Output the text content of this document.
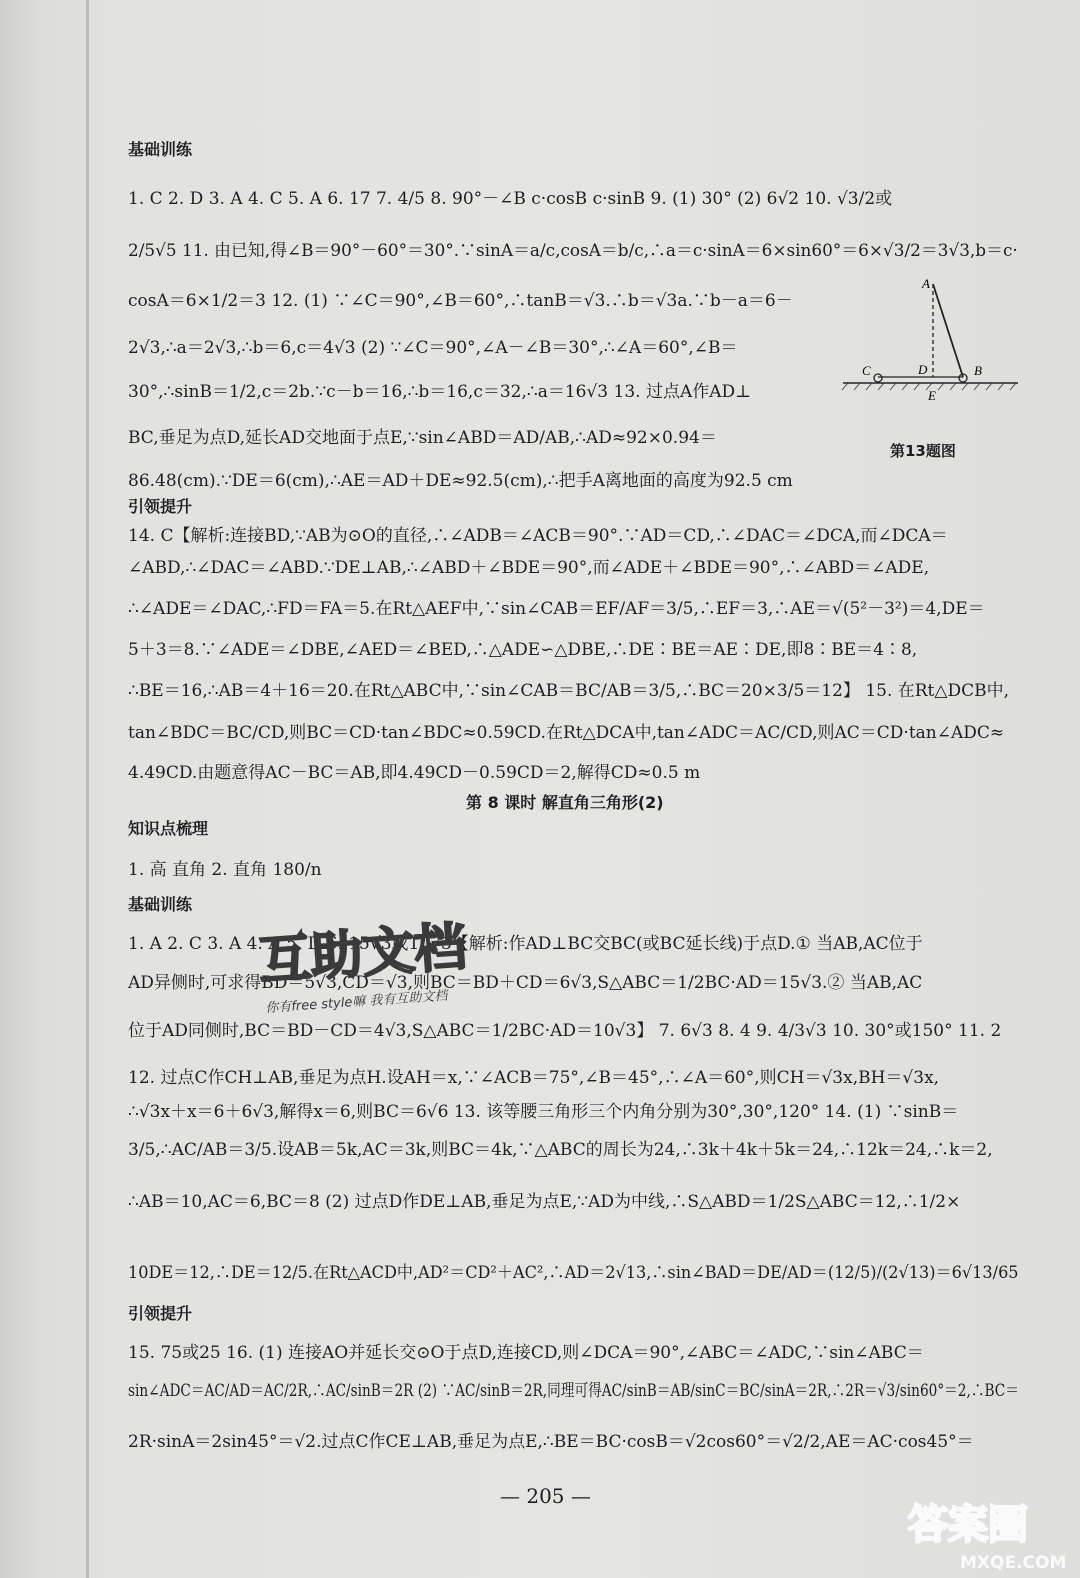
基础训练
1. C 2. D 3. A 4. C 5. A 6. 17 7. 4/5 8. 90°－∠B c·cosB c·sinB 9. (1) 30° (2) 6√2 10. √3/2或
2/5√5 11. 由已知,得∠B＝90°－60°＝30°.∵sinA＝a/c,cosA＝b/c,∴a＝c·sinA＝6×sin60°＝6×√3/2＝3√3,b＝c·
cosA＝6×1/2＝3 12. (1) ∵∠C＝90°,∠B＝60°,∴tanB＝√3.∴b＝√3a.∵b－a＝6－
2√3,∴a＝2√3,∴b＝6,c＝4√3 (2) ∵∠C＝90°,∠A－∠B＝30°,∴∠A＝60°,∠B＝
30°,∴sinB＝1/2,c＝2b.∵c－b＝16,∴b＝16,c＝32,∴a＝16√3 13. 过点A作AD⊥
BC,垂足为点D,延长AD交地面于点E,∵sin∠ABD＝AD/AB,∴AD≈92×0.94＝
86.48(cm).∵DE＝6(cm),∴AE＝AD＋DE≈92.5(cm),∴把手A离地面的高度为92.5 cm
引领提升
14. C【解析:连接BD,∵AB为⊙O的直径,∴∠ADB＝∠ACB＝90°.∵AD＝CD,∴∠DAC＝∠DCA,而∠DCA＝
∠ABD,∴∠DAC＝∠ABD.∵DE⊥AB,∴∠ABD＋∠BDE＝90°,而∠ADE＋∠BDE＝90°,∴∠ABD＝∠ADE,
∴∠ADE＝∠DAC,∴FD＝FA＝5.在Rt△AEF中,∵sin∠CAB＝EF/AF＝3/5,∴EF＝3,∴AE＝√(5²－3²)＝4,DE＝
5＋3＝8.∵∠ADE＝∠DBE,∠AED＝∠BED,∴△ADE∽△DBE,∴DE∶BE＝AE∶DE,即8∶BE＝4∶8,
∴BE＝16,∴AB＝4＋16＝20.在Rt△ABC中,∵sin∠CAB＝BC/AB＝3/5,∴BC＝20×3/5＝12】 15. 在Rt△DCB中,
tan∠BDC＝BC/CD,则BC＝CD·tan∠BDC≈0.59CD.在Rt△DCA中,tan∠ADC＝AC/CD,则AC＝CD·tan∠ADC≈
4.49CD.由题意得AC－BC＝AB,即4.49CD－0.59CD＝2,解得CD≈0.5 m
第 8 课时 解直角三角形(2)
知识点梳理
1. 高 直角 2. 直角 180/n
基础训练
1. A 2. C 3. A 4. A 5. D 6. 15√3或10√3【解析:作AD⊥BC交BC(或BC延长线)于点D.① 当AB,AC位于
AD异侧时,可求得BD＝5√3,CD＝√3,则BC＝BD＋CD＝6√3,S△ABC＝1/2BC·AD＝15√3.② 当AB,AC
位于AD同侧时,BC＝BD－CD＝4√3,S△ABC＝1/2BC·AD＝10√3】 7. 6√3 8. 4 9. 4/3√3 10. 30°或150° 11. 2
12. 过点C作CH⊥AB,垂足为点H.设AH＝x,∵∠ACB＝75°,∠B＝45°,∴∠A＝60°,则CH＝√3x,BH＝√3x,
∴√3x＋x＝6＋6√3,解得x＝6,则BC＝6√6 13. 该等腰三角形三个内角分别为30°,30°,120° 14. (1) ∵sinB＝
3/5,∴AC/AB＝3/5.设AB＝5k,AC＝3k,则BC＝4k,∵△ABC的周长为24,∴3k＋4k＋5k＝24,∴12k＝24,∴k＝2,
∴AB＝10,AC＝6,BC＝8 (2) 过点D作DE⊥AB,垂足为点E,∵AD为中线,∴S△ABD＝1/2S△ABC＝12,∴1/2×
10DE＝12,∴DE＝12/5.在Rt△ACD中,AD²＝CD²＋AC²,∴AD＝2√13,∴sin∠BAD＝DE/AD＝(12/5)/(2√13)＝6√13/65
引领提升
15. 75或25 16. (1) 连接AO并延长交⊙O于点D,连接CD,则∠DCA＝90°,∠ABC＝∠ADC,∵sin∠ABC＝
sin∠ADC＝AC/AD＝AC/2R,∴AC/sinB＝2R (2) ∵AC/sinB＝2R,同理可得AC/sinB＝AB/sinC＝BC/sinA＝2R,∴2R＝√3/sin60°＝2,∴BC＝
2R·sinA＝2sin45°＝√2.过点C作CE⊥AB,垂足为点E,∴BE＝BC·cosB＝√2cos60°＝√2/2,AE＝AC·cos45°＝
A
B
C	D
E
第13题图
互助文档
你有free style嘛 我有互助文档
— 205 —
答案圈
MXQE.COM
